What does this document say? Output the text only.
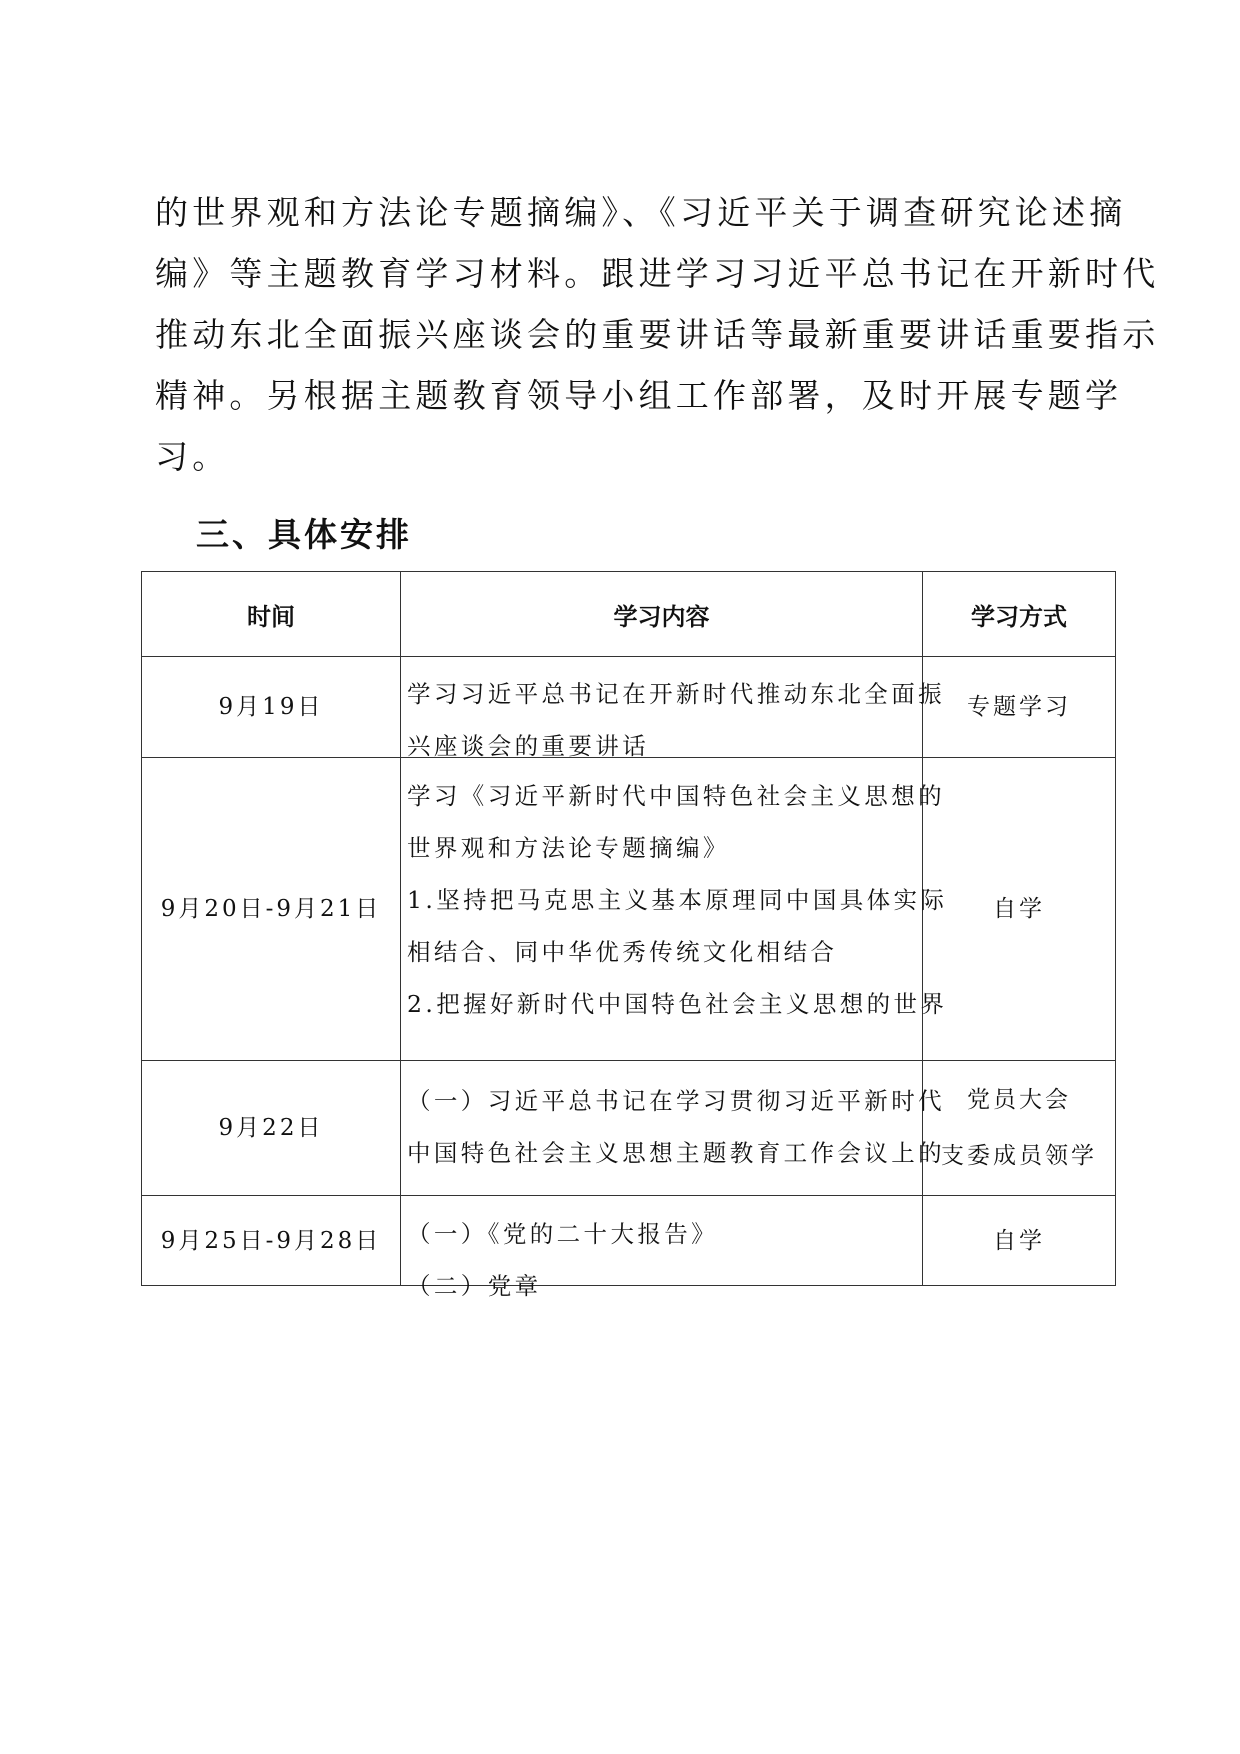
的世界观和方法论专题摘编》、《习近平关于调查研究论述摘
编》等主题教育学习材料。跟进学习习近平总书记在开新时代
推动东北全面振兴座谈会的重要讲话等最新重要讲话重要指示
精神。另根据主题教育领导小组工作部署，及时开展专题学
习。
三、具体安排
时间	学习内容	学习方式
9月19日	学习习近平总书记在开新时代推动东北全面振
兴座谈会的重要讲话	专题学习

9月20日-9月21日	学习《习近平新时代中国特色社会主义思想的
世界观和方法论专题摘编》
1.坚持把马克思主义基本原理同中国具体实际
相结合、同中华优秀传统文化相结合
2.把握好新时代中国特色社会主义思想的世界	自学

9月22日	（一）习近平总书记在学习贯彻习近平新时代
中国特色社会主义思想主题教育工作会议上的	党员大会
支委成员领学

9月25日-9月28日	（一）《党的二十大报告》
（二）党章	自学
